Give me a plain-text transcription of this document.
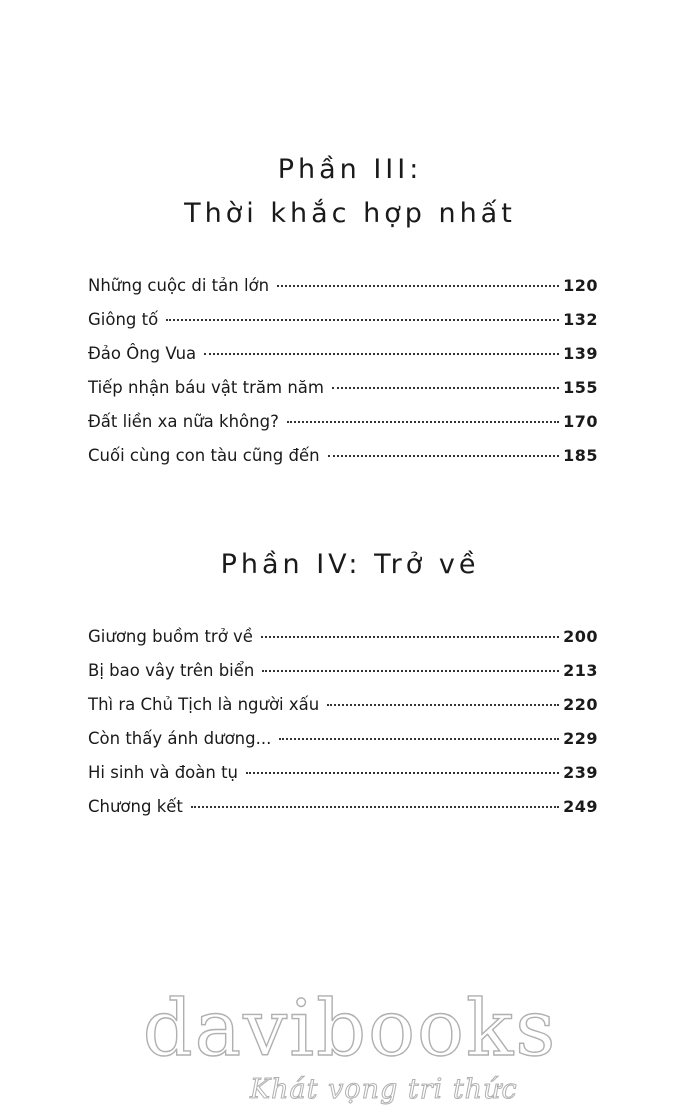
Phần III:
Thời khắc hợp nhất
Những cuộc di tản lớn	120
Giông tố	132
Đảo Ông Vua	139
Tiếp nhận báu vật trăm năm	155
Đất liền xa nữa không?	170
Cuối cùng con tàu cũng đến	185
Phần IV: Trở về
Giương buồm trở về	200
Bị bao vây trên biển	213
Thì ra Chủ Tịch là người xấu	220
Còn thấy ánh dương...	229
Hi sinh và đoàn tụ	239
Chương kết	249
davibooks
Khát vọng tri thức
